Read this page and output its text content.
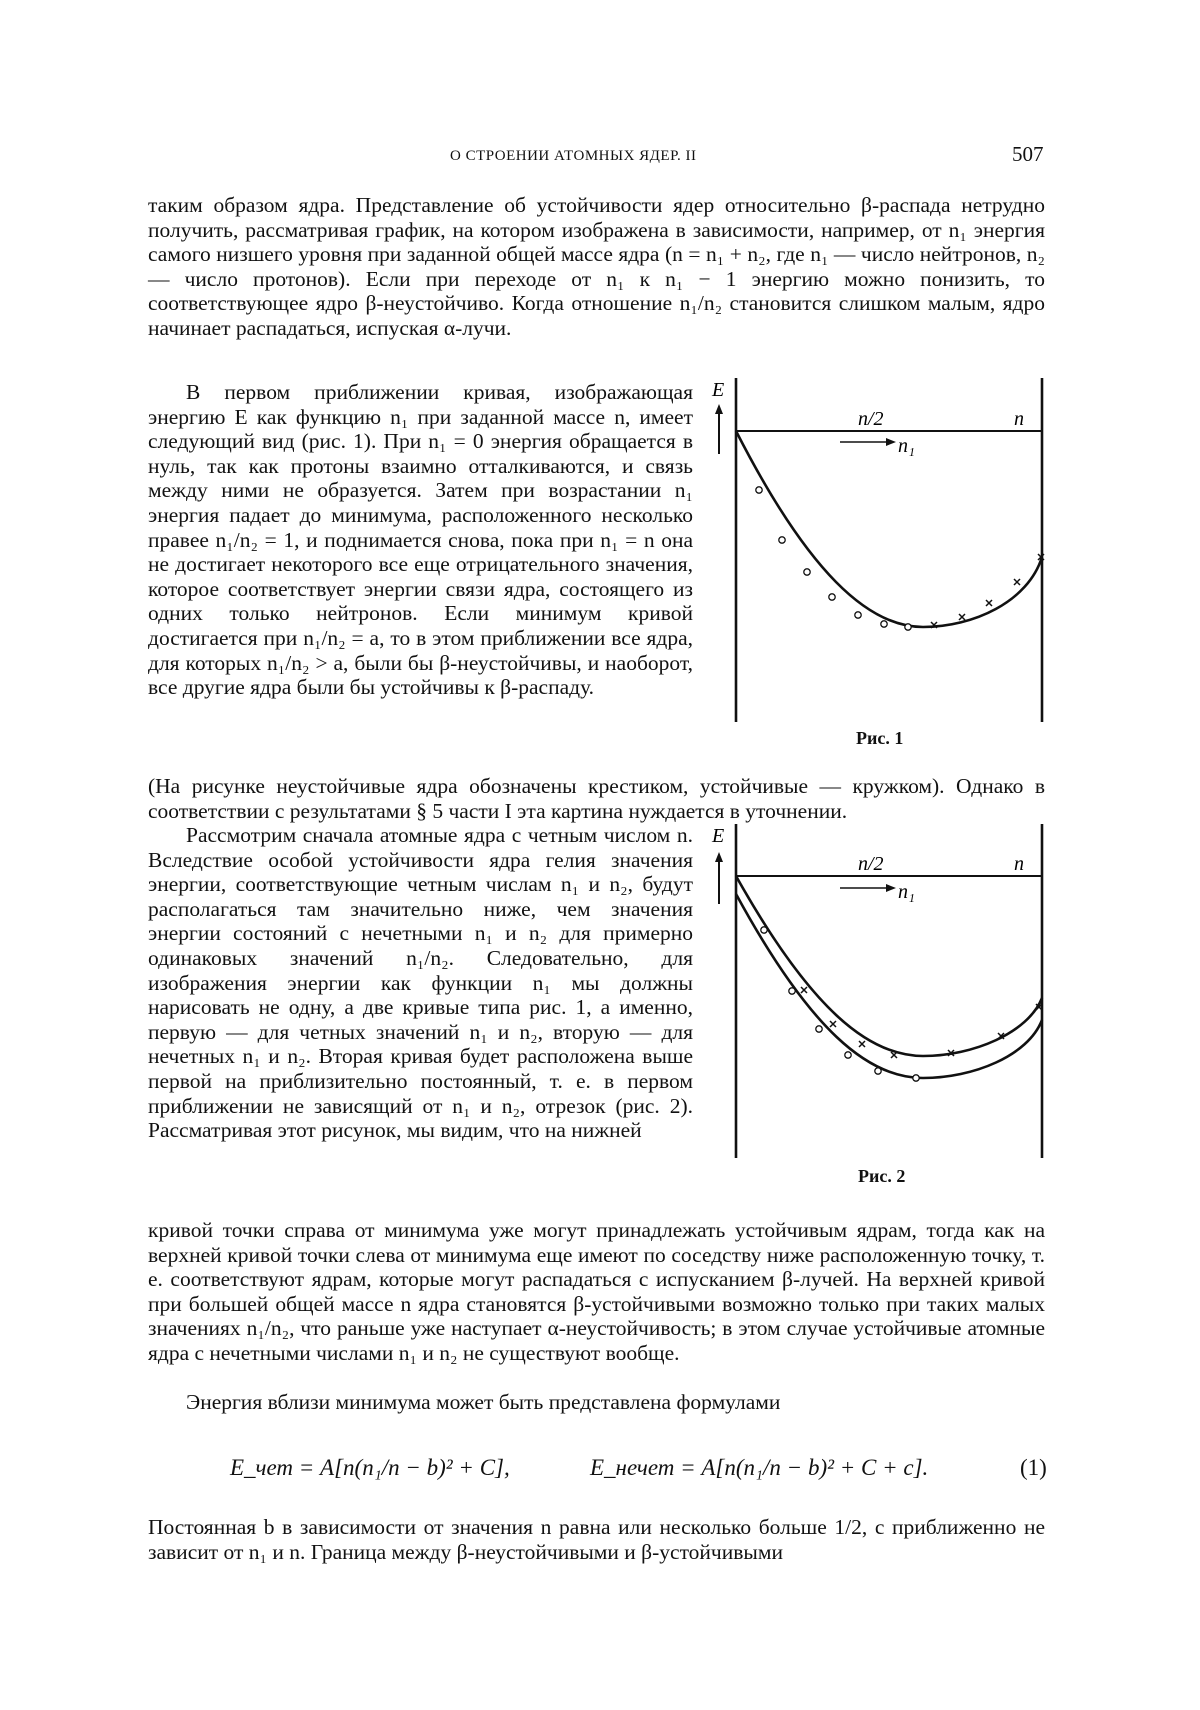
О СТРОЕНИИ АТОМНЫХ ЯДЕР. II	507

таким образом ядра. Представление об устойчивости ядер относительно β-распада нетрудно получить, рассматривая график, на котором изображена в зависимости, например, от n₁ энергия самого низшего уровня при заданной общей массе ядра (n = n₁ + n₂, где n₁ — число нейтронов, n₂ — число протонов). Если при переходе от n₁ к n₁ − 1 энергию можно понизить, то соответствующее ядро β-неустойчиво. Когда отношение n₁/n₂ становится слишком малым, ядро начинает распадаться, испуская α-лучи.

В первом приближении кривая, изображающая энергию E как функцию n₁ при заданной массе n, имеет следующий вид (рис. 1). При n₁ = 0 энергия обращается в нуль, так как протоны взаимно отталкиваются, и связь между ними не образуется. Затем при возрастании n₁ энергия падает до минимума, расположенного несколько правее n₁/n₂ = 1, и поднимается снова, пока при n₁ = n она не достигает некоторого все еще отрицательного значения, которое соответствует энергии связи ядра, состоящего из одних только нейтронов. Если минимум кривой достигается при n₁/n₂ = a, то в этом приближении все ядра, для которых n₁/n₂ > a, были бы β-неустойчивы, и наоборот, все другие ядра были бы устойчивы к β-распаду.

(На рисунке неустойчивые ядра обозначены крестиком, устойчивые — кружком). Однако в соответствии с результатами § 5 части I эта картина нуждается в уточнении.

E
n/2	n
n₁
Рис. 1

Рассмотрим сначала атомные ядра с четным числом n. Вследствие особой устойчивости ядра гелия значения энергии, соответствующие четным числам n₁ и n₂, будут располагаться там значительно ниже, чем значения энергии состояний с нечетными n₁ и n₂ для примерно одинаковых значений n₁/n₂. Следовательно, для изображения энергии как функции n₁ мы должны нарисовать не одну, а две кривые типа рис. 1, а именно, первую — для четных значений n₁ и n₂, вторую — для нечетных n₁ и n₂. Вторая кривая будет расположена выше первой на приблизительно постоянный, т. е. в первом приближении не зависящий от n₁ и n₂, отрезок (рис. 2). Рассматривая этот рисунок, мы видим, что на нижней

E
n/2	n
n₁
Рис. 2

кривой точки справа от минимума уже могут принадлежать устойчивым ядрам, тогда как на верхней кривой точки слева от минимума еще имеют по соседству ниже расположенную точку, т. е. соответствуют ядрам, которые могут распадаться с испусканием β-лучей. На верхней кривой при большей общей массе n ядра становятся β-устойчивыми возможно только при таких малых значениях n₁/n₂, что раньше уже наступает α-неустойчивость; в этом случае устойчивые атомные ядра с нечетными числами n₁ и n₂ не существуют вообще.

Энергия вблизи минимума может быть представлена формулами

E_чет = A[n(n₁/n − b)² + C],	E_нечет = A[n(n₁/n − b)² + C + c].	(1)

Постоянная b в зависимости от значения n равна или несколько больше 1/2, c приближенно не зависит от n₁ и n. Граница между β-неустойчивыми и β-устойчивыми
